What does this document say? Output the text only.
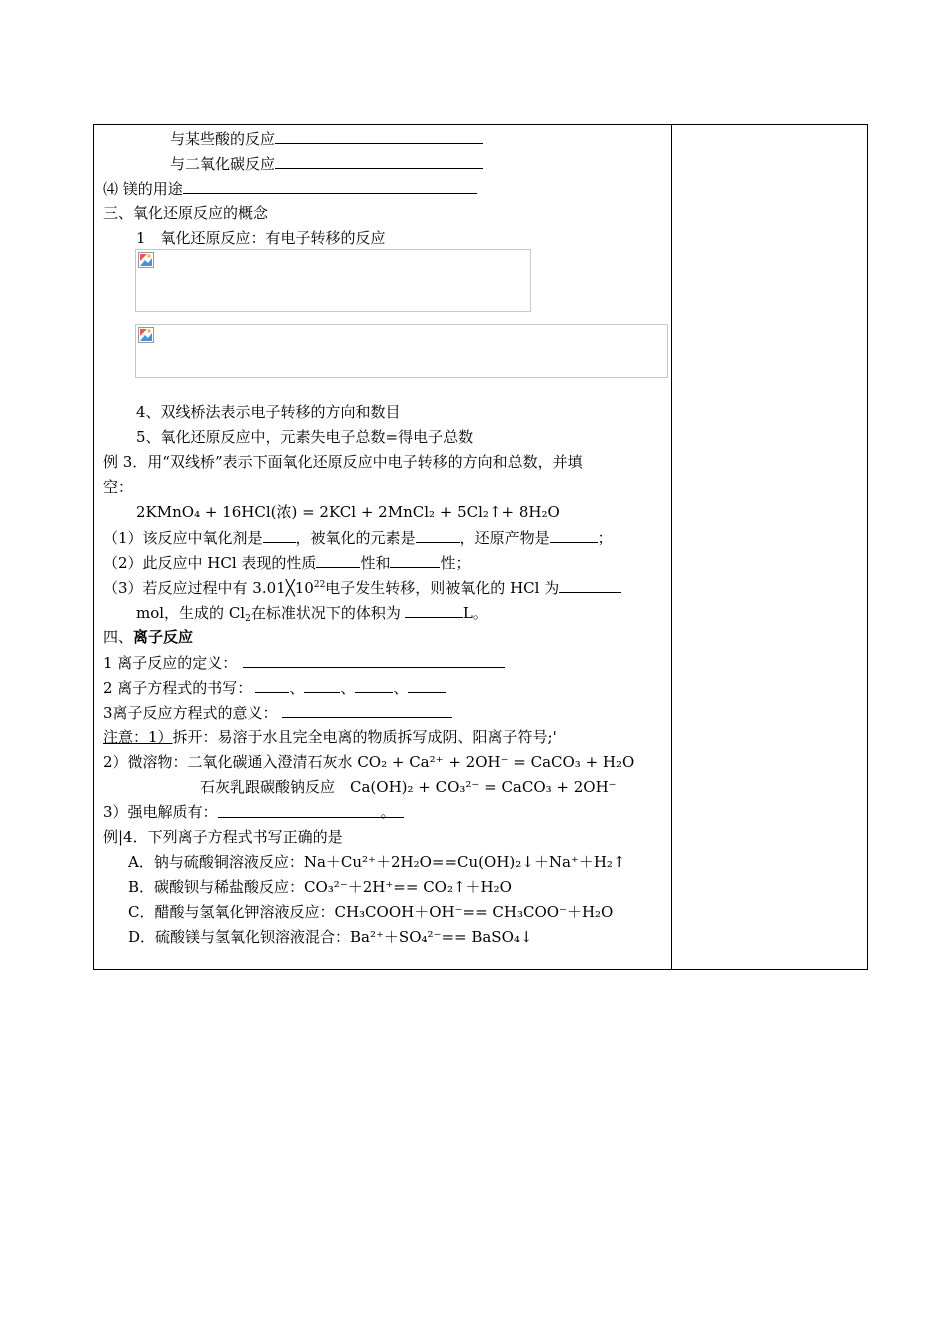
与某些酸的反应
与二氧化碳反应
⑷ 镁的用途
三、氧化还原反应的概念
1　氧化还原反应：有电子转移的反应
4、双线桥法表示电子转移的方向和数目
5、氧化还原反应中，元素失电子总数=得电子总数
例 3．用“双线桥”表示下面氧化还原反应中电子转移的方向和总数，并填
空：
2KMnO₄ + 16HCl(浓) = 2KCl + 2MnCl₂ + 5Cl₂↑+ 8H₂O
（1）该反应中氧化剂是 ，被氧化的元素是	，还原产物是	；
（2）此反应中 HCl 表现的性质	性和	性；
（3）若反应过程中有 $3.01╳10^{22}$电子发生转移，则被氧化的 HCl 为
mol，生成的 $Cl_2$在标准状况下的体积为	L。
四、离子反应
1 离子反应的定义：
2 离子方程式的书写： 、 、	、
3离子反应方程式的意义：
注意：1）拆开：易溶于水且完全电离的物质拆写成阴、阳离子符号;'
2）微溶物：二氧化碳通入澄清石灰水 CO₂ + Ca²⁺ + 2OH⁻ = CaCO₃ + H₂O
石灰乳跟碳酸钠反应　Ca(OH)₂ + CO₃²⁻ = CaCO₃ + 2OH⁻
3）强电解质有：	。
例|4．下列离子方程式书写正确的是
A．钠与硫酸铜溶液反应：Na＋Cu²⁺＋2H₂O==Cu(OH)₂↓＋Na⁺＋H₂↑
B．碳酸钡与稀盐酸反应：CO₃²⁻＋2H⁺== CO₂↑＋H₂O
C．醋酸与氢氧化钾溶液反应：CH₃COOH＋OH⁻== CH₃COO⁻＋H₂O
D．硫酸镁与氢氧化钡溶液混合：Ba²⁺＋SO₄²⁻== BaSO₄↓
